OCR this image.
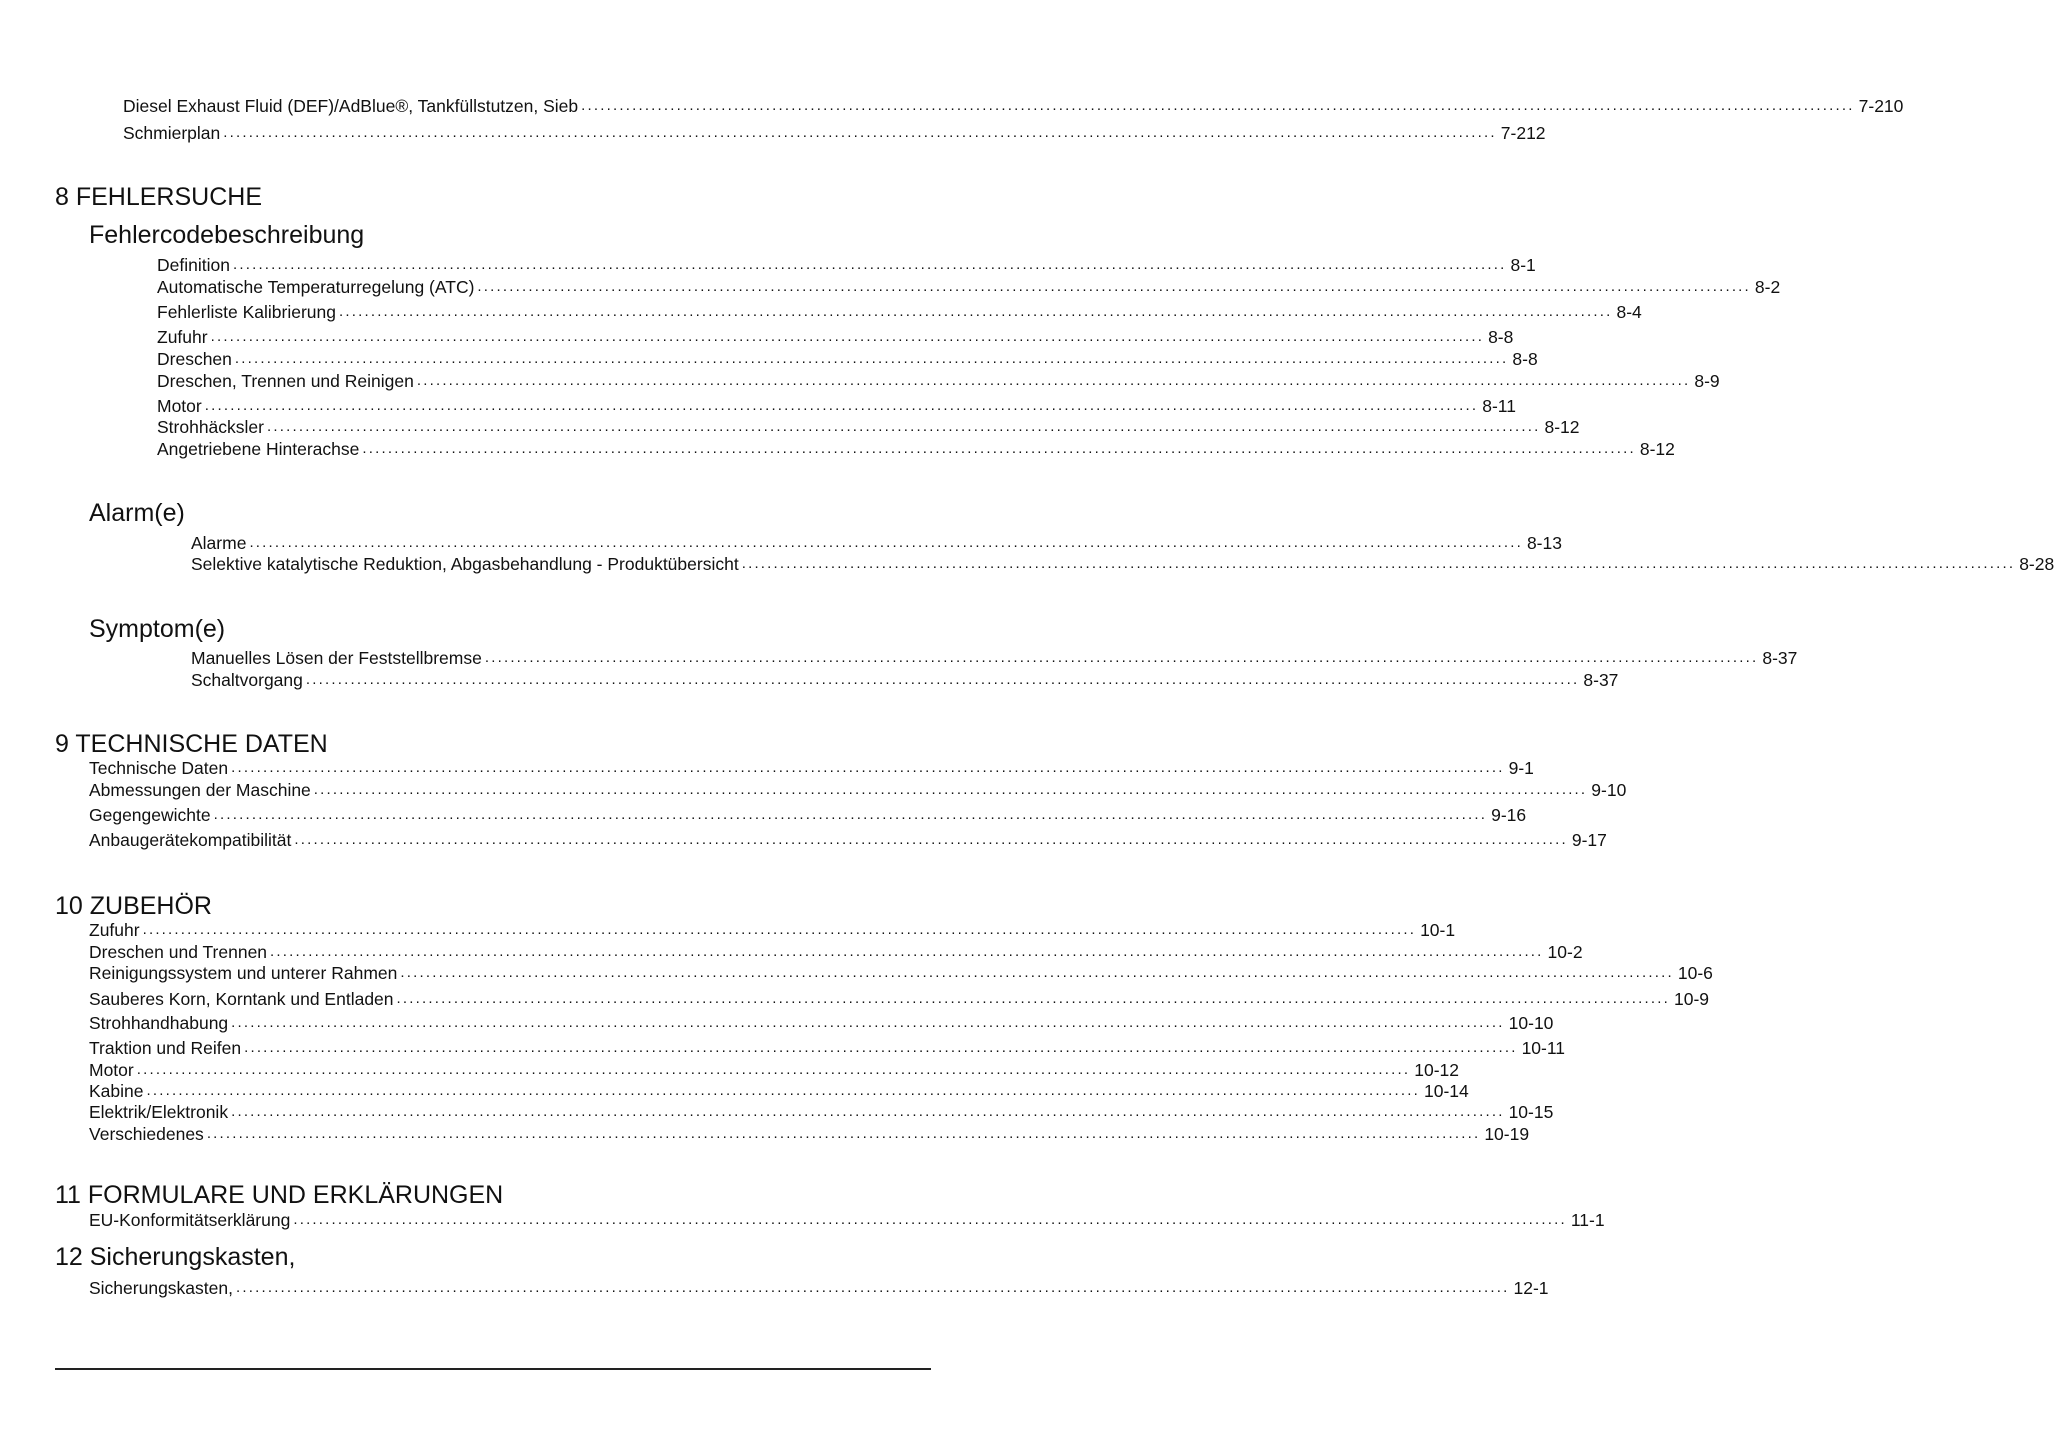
Diesel Exhaust Fluid (DEF)/AdBlue®, Tankfüllstutzen, Sieb ........................................................................................................................................................................................................ 7-210
Schmierplan ........................................................................................................................................................................................................ 7-212
8 FEHLERSUCHE
Fehlercodebeschreibung
Definition ........................................................................................................................................................................................................ 8-1
Automatische Temperaturregelung (ATC) ........................................................................................................................................................................................................ 8-2
Fehlerliste Kalibrierung ........................................................................................................................................................................................................ 8-4
Zufuhr ........................................................................................................................................................................................................ 8-8
Dreschen ........................................................................................................................................................................................................ 8-8
Dreschen, Trennen und Reinigen ........................................................................................................................................................................................................ 8-9
Motor ........................................................................................................................................................................................................ 8-11
Strohhäcksler ........................................................................................................................................................................................................ 8-12
Angetriebene Hinterachse ........................................................................................................................................................................................................ 8-12
Alarm(e)
Alarme ........................................................................................................................................................................................................ 8-13
Selektive katalytische Reduktion, Abgasbehandlung - Produktübersicht ........................................................................................................................................................................................................ 8-28
Symptom(e)
Manuelles Lösen der Feststellbremse ........................................................................................................................................................................................................ 8-37
Schaltvorgang ........................................................................................................................................................................................................ 8-37
9 TECHNISCHE DATEN
Technische Daten ........................................................................................................................................................................................................ 9-1
Abmessungen der Maschine ........................................................................................................................................................................................................ 9-10
Gegengewichte ........................................................................................................................................................................................................ 9-16
Anbaugerätekompatibilität ........................................................................................................................................................................................................ 9-17
10 ZUBEHÖR
Zufuhr ........................................................................................................................................................................................................ 10-1
Dreschen und Trennen ........................................................................................................................................................................................................ 10-2
Reinigungssystem und unterer Rahmen ........................................................................................................................................................................................................ 10-6
Sauberes Korn, Korntank und Entladen ........................................................................................................................................................................................................ 10-9
Strohhandhabung ........................................................................................................................................................................................................ 10-10
Traktion und Reifen ........................................................................................................................................................................................................ 10-11
Motor ........................................................................................................................................................................................................ 10-12
Kabine ........................................................................................................................................................................................................ 10-14
Elektrik/Elektronik ........................................................................................................................................................................................................ 10-15
Verschiedenes ........................................................................................................................................................................................................ 10-19
11 FORMULARE UND ERKLÄRUNGEN
EU-Konformitätserklärung ........................................................................................................................................................................................................ 11-1
12 Sicherungskasten,
Sicherungskasten, ........................................................................................................................................................................................................ 12-1
